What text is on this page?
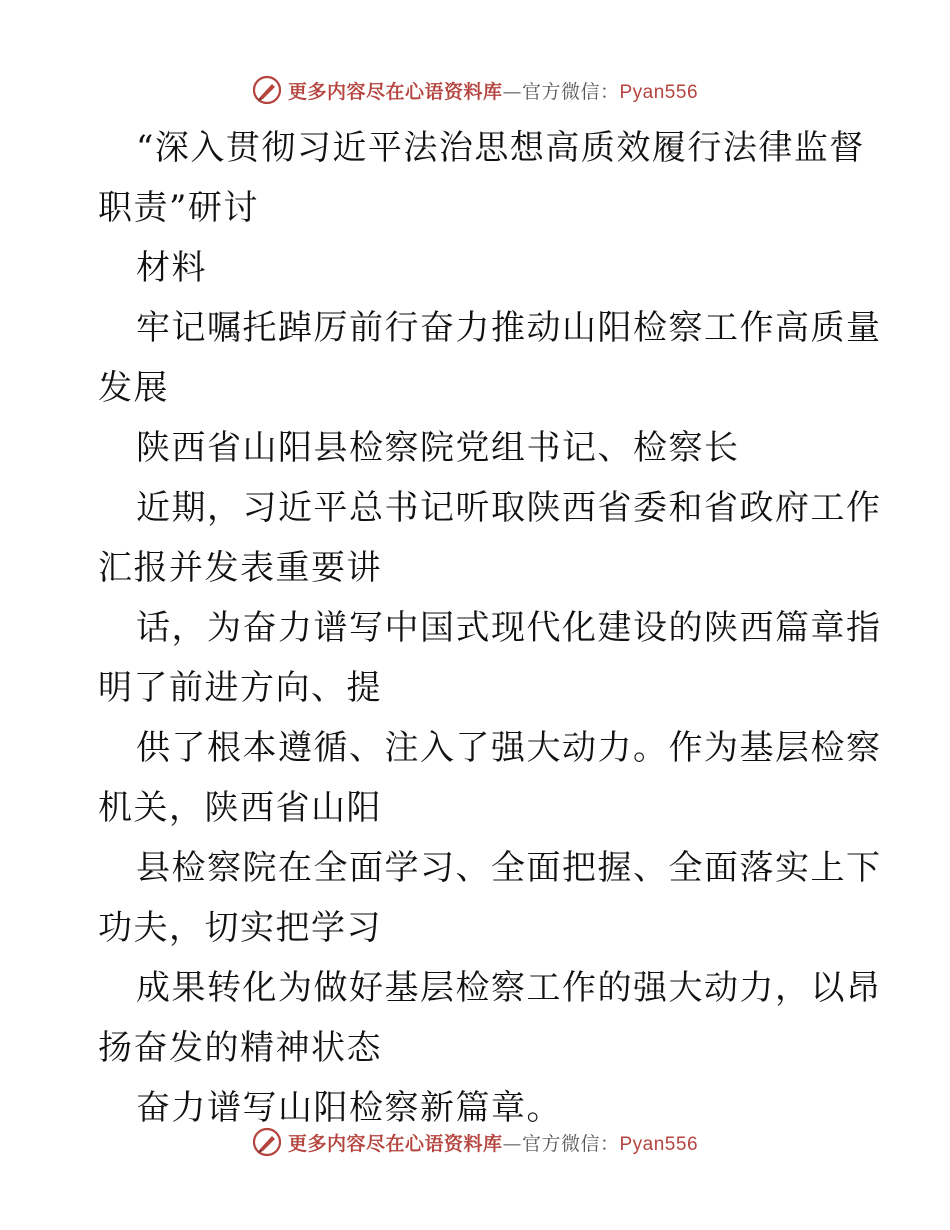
更多内容尽在心语资料库—官方微信：Pyan556
“深入贯彻习近平法治思想高质效履行法律监督
职责”研讨
材料
牢记嘱托踔厉前行奋力推动山阳检察工作高质量
发展
陕西省山阳县检察院党组书记、检察长
近期，习近平总书记听取陕西省委和省政府工作
汇报并发表重要讲
话，为奋力谱写中国式现代化建设的陕西篇章指
明了前进方向、提
供了根本遵循、注入了强大动力。作为基层检察
机关，陕西省山阳
县检察院在全面学习、全面把握、全面落实上下
功夫，切实把学习
成果转化为做好基层检察工作的强大动力，以昂
扬奋发的精神状态
奋力谱写山阳检察新篇章。
更多内容尽在心语资料库—官方微信：Pyan556
